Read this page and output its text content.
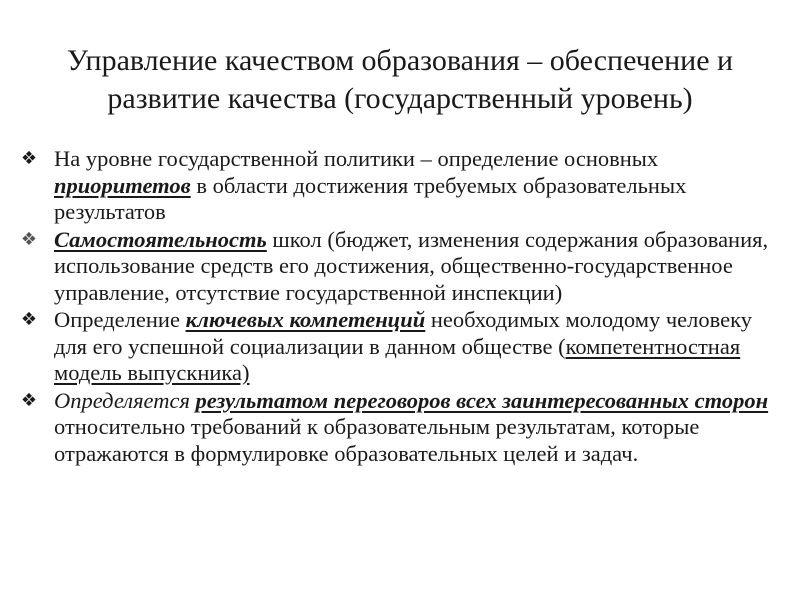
Управление качеством образования – обеспечение и
развитие качества (государственный уровень)
❖ На уровне государственной политики – определение основных приоритетов в области достижения требуемых образовательных результатов
❖ Самостоятельность школ (бюджет, изменения содержания образования, использование средств его достижения, общественно-государственное управление, отсутствие государственной инспекции)
❖ Определение ключевых компетенций необходимых молодому человеку для его успешной социализации в данном обществе (компетентностная модель выпускника)
❖ Определяется результатом переговоров всех заинтересованных сторон относительно требований к образовательным результатам, которые отражаются в формулировке образовательных целей и задач.
